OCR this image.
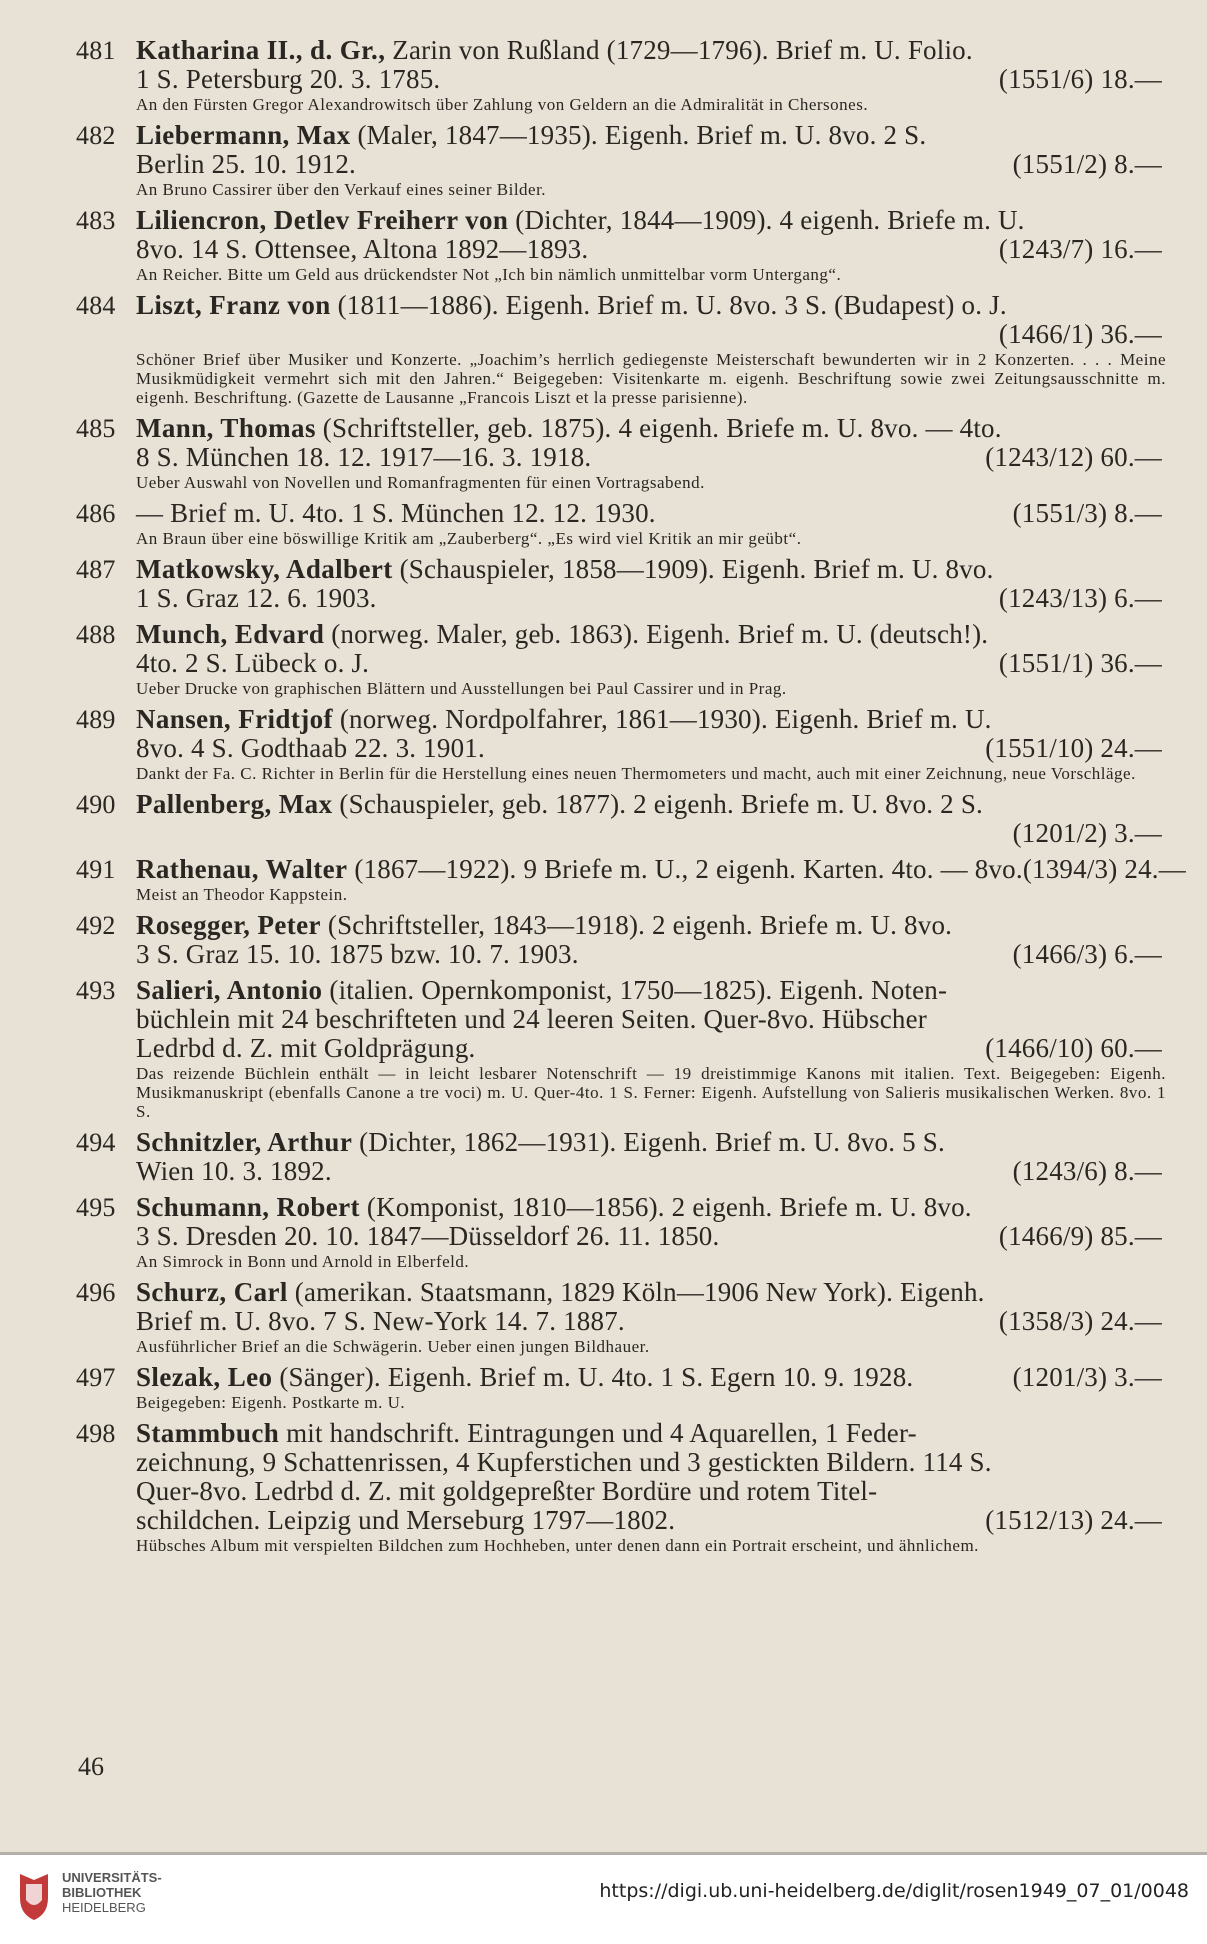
481 Katharina II., d. Gr., Zarin von Rußland (1729—1796). Brief m. U. Folio.
1 S. Petersburg 20. 3. 1785.	(1551/6) 18.—
An den Fürsten Gregor Alexandrowitsch über Zahlung von Geldern an die Admiralität in Chersones.
482 Liebermann, Max (Maler, 1847—1935). Eigenh. Brief m. U. 8vo. 2 S.
Berlin 25. 10. 1912.	(1551/2) 8.—
An Bruno Cassirer über den Verkauf eines seiner Bilder.
483 Liliencron, Detlev Freiherr von (Dichter, 1844—1909). 4 eigenh. Briefe m. U.
8vo. 14 S. Ottensee, Altona 1892—1893.	(1243/7) 16.—
An Reicher. Bitte um Geld aus drückendster Not „Ich bin nämlich unmittelbar vorm Untergang“.
484 Liszt, Franz von (1811—1886). Eigenh. Brief m. U. 8vo. 3 S. (Budapest) o. J.
(1466/1) 36.—
Schöner Brief über Musiker und Konzerte. „Joachim’s herrlich gediegenste Meisterschaft bewunderten wir in 2 Konzerten. . . . Meine Musikmüdigkeit vermehrt sich mit den Jahren.“ Beigegeben: Visitenkarte m. eigenh. Beschriftung sowie zwei Zeitungsausschnitte m. eigenh. Beschriftung. (Gazette de Lausanne „Francois Liszt et la presse parisienne).
485 Mann, Thomas (Schriftsteller, geb. 1875). 4 eigenh. Briefe m. U. 8vo. — 4to.
8 S. München 18. 12. 1917—16. 3. 1918.	(1243/12) 60.—
Ueber Auswahl von Novellen und Romanfragmenten für einen Vortragsabend.
486 — Brief m. U. 4to. 1 S. München 12. 12. 1930.	(1551/3) 8.—
An Braun über eine böswillige Kritik am „Zauberberg“. „Es wird viel Kritik an mir geübt“.
487 Matkowsky, Adalbert (Schauspieler, 1858—1909). Eigenh. Brief m. U. 8vo.
1 S. Graz 12. 6. 1903.	(1243/13) 6.—
488 Munch, Edvard (norweg. Maler, geb. 1863). Eigenh. Brief m. U. (deutsch!).
4to. 2 S. Lübeck o. J.	(1551/1) 36.—
Ueber Drucke von graphischen Blättern und Ausstellungen bei Paul Cassirer und in Prag.
489 Nansen, Fridtjof (norweg. Nordpolfahrer, 1861—1930). Eigenh. Brief m. U.
8vo. 4 S. Godthaab 22. 3. 1901.	(1551/10) 24.—
Dankt der Fa. C. Richter in Berlin für die Herstellung eines neuen Thermometers und macht, auch mit einer Zeichnung, neue Vorschläge.
490 Pallenberg, Max (Schauspieler, geb. 1877). 2 eigenh. Briefe m. U. 8vo. 2 S.
(1201/2) 3.—
491 Rathenau, Walter (1867—1922). 9 Briefe m. U., 2 eigenh. Karten. 4to. — 8vo. (1394/3) 24.—
Meist an Theodor Kappstein.
492 Rosegger, Peter (Schriftsteller, 1843—1918). 2 eigenh. Briefe m. U. 8vo.
3 S. Graz 15. 10. 1875 bzw. 10. 7. 1903.	(1466/3) 6.—
493 Salieri, Antonio (italien. Opernkomponist, 1750—1825). Eigenh. Noten-
büchlein mit 24 beschrifteten und 24 leeren Seiten. Quer-8vo. Hübscher
Ledrbd d. Z. mit Goldprägung.	(1466/10) 60.—
Das reizende Büchlein enthält — in leicht lesbarer Notenschrift — 19 dreistimmige Kanons mit italien. Text. Beigegeben: Eigenh. Musikmanuskript (ebenfalls Canone a tre voci) m. U. Quer-4to. 1 S. Ferner: Eigenh. Aufstellung von Salieris musikalischen Werken. 8vo. 1 S.
494 Schnitzler, Arthur (Dichter, 1862—1931). Eigenh. Brief m. U. 8vo. 5 S.
Wien 10. 3. 1892.	(1243/6) 8.—
495 Schumann, Robert (Komponist, 1810—1856). 2 eigenh. Briefe m. U. 8vo.
3 S. Dresden 20. 10. 1847—Düsseldorf 26. 11. 1850.	(1466/9) 85.—
An Simrock in Bonn und Arnold in Elberfeld.
496 Schurz, Carl (amerikan. Staatsmann, 1829 Köln—1906 New York). Eigenh.
Brief m. U. 8vo. 7 S. New-York 14. 7. 1887.	(1358/3) 24.—
Ausführlicher Brief an die Schwägerin. Ueber einen jungen Bildhauer.
497 Slezak, Leo (Sänger). Eigenh. Brief m. U. 4to. 1 S. Egern 10. 9. 1928.	(1201/3) 3.—
Beigegeben: Eigenh. Postkarte m. U.
498 Stammbuch mit handschrift. Eintragungen und 4 Aquarellen, 1 Feder-
zeichnung, 9 Schattenrissen, 4 Kupferstichen und 3 gestickten Bildern. 114 S.
Quer-8vo. Ledrbd d. Z. mit goldgepreßter Bordüre und rotem Titel-
schildchen. Leipzig und Merseburg 1797—1802.	(1512/13) 24.—
Hübsches Album mit verspielten Bildchen zum Hochheben, unter denen dann ein Portrait erscheint, und ähnlichem.
46
UNIVERSITÄTS-
BIBLIOTHEK
HEIDELBERG
https://digi.ub.uni-heidelberg.de/diglit/rosen1949_07_01/0048
